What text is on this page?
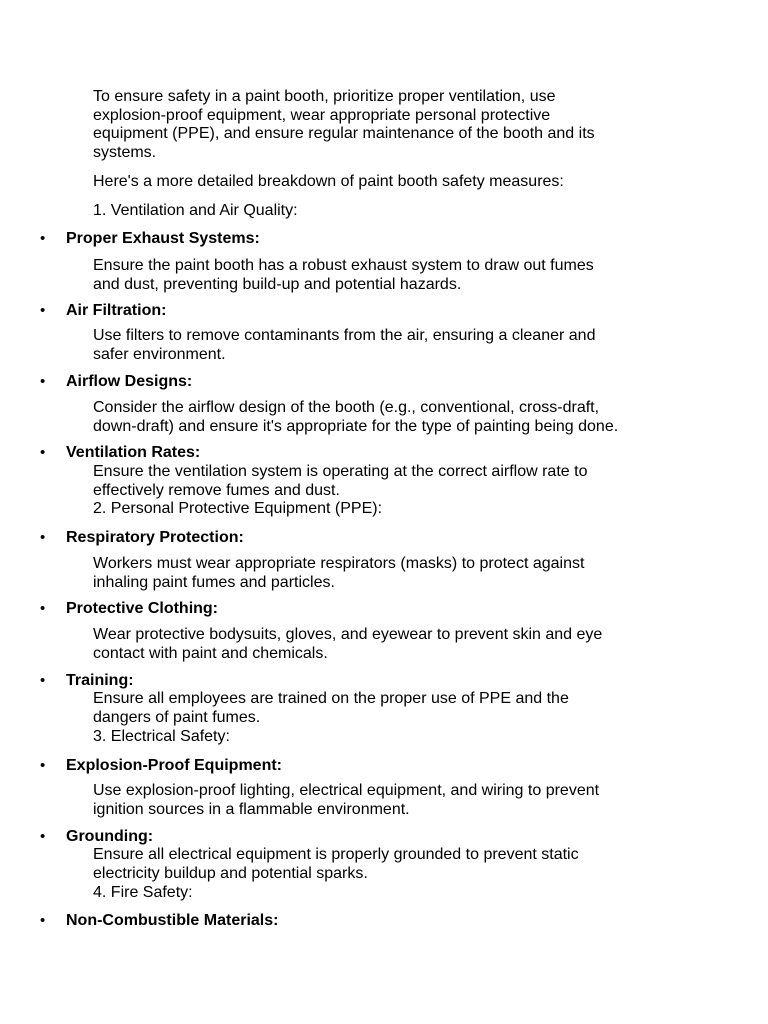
To ensure safety in a paint booth, prioritize proper ventilation, use
explosion-proof equipment, wear appropriate personal protective
equipment (PPE), and ensure regular maintenance of the booth and its
systems.
Here's a more detailed breakdown of paint booth safety measures:
1. Ventilation and Air Quality:
• Proper Exhaust Systems:
Ensure the paint booth has a robust exhaust system to draw out fumes
and dust, preventing build-up and potential hazards.
• Air Filtration:
Use filters to remove contaminants from the air, ensuring a cleaner and
safer environment.
• Airflow Designs:
Consider the airflow design of the booth (e.g., conventional, cross-draft,
down-draft) and ensure it's appropriate for the type of painting being done.
• Ventilation Rates:
Ensure the ventilation system is operating at the correct airflow rate to
effectively remove fumes and dust.
2. Personal Protective Equipment (PPE):
• Respiratory Protection:
Workers must wear appropriate respirators (masks) to protect against
inhaling paint fumes and particles.
• Protective Clothing:
Wear protective bodysuits, gloves, and eyewear to prevent skin and eye
contact with paint and chemicals.
• Training:
Ensure all employees are trained on the proper use of PPE and the
dangers of paint fumes.
3. Electrical Safety:
• Explosion-Proof Equipment:
Use explosion-proof lighting, electrical equipment, and wiring to prevent
ignition sources in a flammable environment.
• Grounding:
Ensure all electrical equipment is properly grounded to prevent static
electricity buildup and potential sparks.
4. Fire Safety:
• Non-Combustible Materials:
